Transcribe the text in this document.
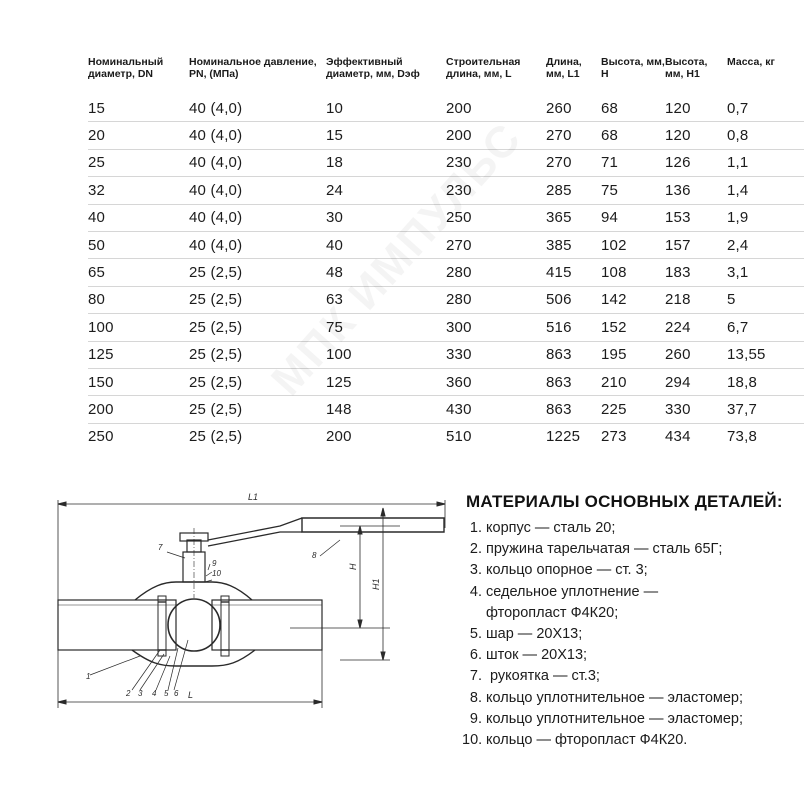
Номинальный диаметр, DN	Номинальное давление, PN, (МПа)	Эффективный диаметр, мм, Dэф	Строительная длина, мм, L	Длина, мм, L1	Высота, мм, H	Высота, мм, H1	Масса, кг
15	40 (4,0)	10	200	260	68	120	0,7
20	40 (4,0)	15	200	270	68	120	0,8
25	40 (4,0)	18	230	270	71	126	1,1
32	40 (4,0)	24	230	285	75	136	1,4
40	40 (4,0)	30	250	365	94	153	1,9
50	40 (4,0)	40	270	385	102	157	2,4
65	25 (2,5)	48	280	415	108	183	3,1
80	25 (2,5)	63	280	506	142	218	5
100	25 (2,5)	75	300	516	152	224	6,7
125	25 (2,5)	100	330	863	195	260	13,55
150	25 (2,5)	125	360	863	210	294	18,8
200	25 (2,5)	148	430	863	225	330	37,7
250	25 (2,5)	200	510	1225	273	434	73,8
L1
L
H
H1
1
2 3 4 5 6
7
8
9
10
МАТЕРИАЛЫ ОСНОВНЫХ ДЕТАЛЕЙ:
1. корпус — сталь 20;
2. пружина тарельчатая — сталь 65Г;
3. кольцо опорное — ст. 3;
4. седельное уплотнение —
фторопласт Ф4К20;
5. шар — 20Х13;
6. шток — 20Х13;
7. рукоятка — ст.3;
8. кольцо уплотнительное — эластомер;
9. кольцо уплотнительное — эластомер;
10. кольцо — фторопласт Ф4К20.
